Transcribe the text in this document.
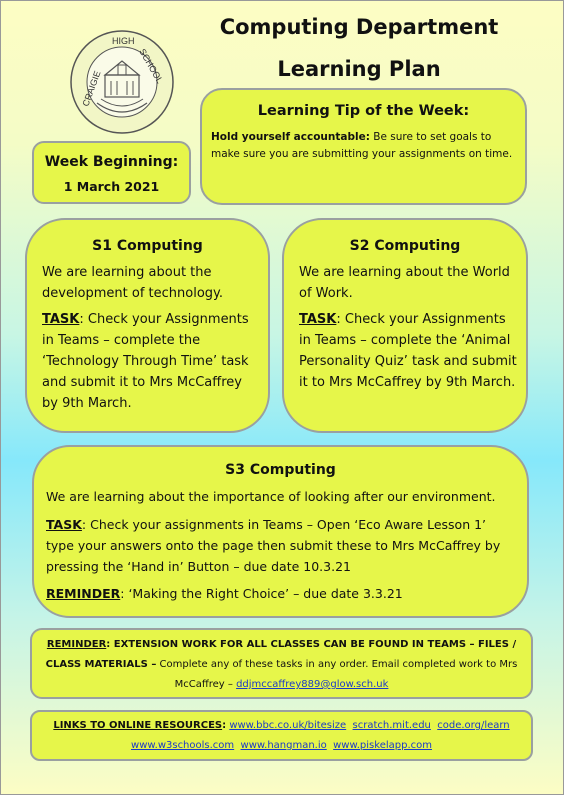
Computing Department
Learning Plan
CRAIGIE
HIGH
SCHOOL
Learning Tip of the Week:

Hold yourself accountable: Be sure to set goals to make sure you are submitting your assignments on time.

Week Beginning:
1 March 2021
S1 Computing

We are learning about the development of technology.

TASK: Check your Assignments in Teams – complete the ‘Technology Through Time’ task and submit it to Mrs McCaffrey by 9th March.

S2 Computing

We are learning about the World of Work.

TASK: Check your Assignments in Teams – complete the ‘Animal Personality Quiz’ task and submit it to Mrs McCaffrey by 9th March.

S3 Computing

We are learning about the importance of looking after our environment.

TASK: Check your assignments in Teams – Open ‘Eco Aware Lesson 1’ type your answers onto the page then submit these to Mrs McCaffrey by pressing the ‘Hand in’ Button – due date 10.3.21

REMINDER: ‘Making the Right Choice’ – due date 3.3.21

REMINDER: EXTENSION WORK FOR ALL CLASSES CAN BE FOUND IN TEAMS – FILES / CLASS MATERIALS – Complete any of these tasks in any order. Email completed work to Mrs McCaffrey – ddjmccaffrey889@glow.sch.uk

LINKS TO ONLINE RESOURCES: www.bbc.co.uk/bitesize scratch.mit.edu code.org/learn
www.w3schools.com www.hangman.io www.piskelapp.com
